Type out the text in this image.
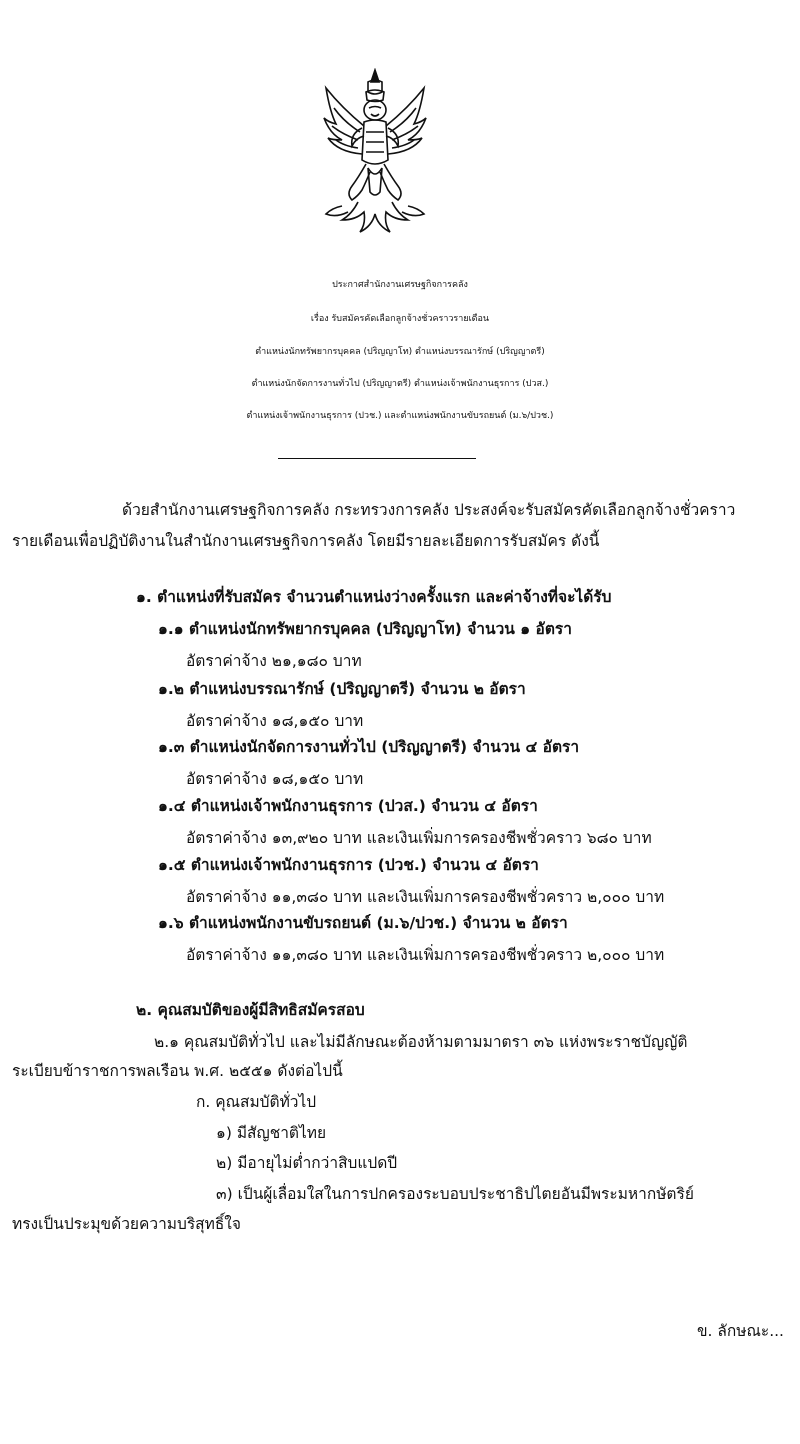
ประกาศสำนักงานเศรษฐกิจการคลัง
เรื่อง รับสมัครคัดเลือกลูกจ้างชั่วคราวรายเดือน
ตำแหน่งนักทรัพยากรบุคคล (ปริญญาโท) ตำแหน่งบรรณารักษ์ (ปริญญาตรี)
ตำแหน่งนักจัดการงานทั่วไป (ปริญญาตรี) ตำแหน่งเจ้าพนักงานธุรการ (ปวส.)
ตำแหน่งเจ้าพนักงานธุรการ (ปวช.) และตำแหน่งพนักงานขับรถยนต์ (ม.๖/ปวช.)
ด้วยสำนักงานเศรษฐกิจการคลัง กระทรวงการคลัง ประสงค์จะรับสมัครคัดเลือกลูกจ้างชั่วคราว
รายเดือนเพื่อปฏิบัติงานในสำนักงานเศรษฐกิจการคลัง โดยมีรายละเอียดการรับสมัคร ดังนี้
๑. ตำแหน่งที่รับสมัคร จำนวนตำแหน่งว่างครั้งแรก และค่าจ้างที่จะได้รับ
๑.๑ ตำแหน่งนักทรัพยากรบุคคล (ปริญญาโท) จำนวน ๑ อัตรา
อัตราค่าจ้าง ๒๑,๑๘๐ บาท
๑.๒ ตำแหน่งบรรณารักษ์ (ปริญญาตรี) จำนวน ๒ อัตรา
อัตราค่าจ้าง ๑๘,๑๕๐ บาท
๑.๓ ตำแหน่งนักจัดการงานทั่วไป (ปริญญาตรี) จำนวน ๔ อัตรา
อัตราค่าจ้าง ๑๘,๑๕๐ บาท
๑.๔ ตำแหน่งเจ้าพนักงานธุรการ (ปวส.) จำนวน ๔ อัตรา
อัตราค่าจ้าง ๑๓,๙๒๐ บาท และเงินเพิ่มการครองชีพชั่วคราว ๖๘๐ บาท
๑.๕ ตำแหน่งเจ้าพนักงานธุรการ (ปวช.) จำนวน ๔ อัตรา
อัตราค่าจ้าง ๑๑,๓๘๐ บาท และเงินเพิ่มการครองชีพชั่วคราว ๒,๐๐๐ บาท
๑.๖ ตำแหน่งพนักงานขับรถยนต์ (ม.๖/ปวช.) จำนวน ๒ อัตรา
อัตราค่าจ้าง ๑๑,๓๘๐ บาท และเงินเพิ่มการครองชีพชั่วคราว ๒,๐๐๐ บาท
๒. คุณสมบัติของผู้มีสิทธิสมัครสอบ
๒.๑ คุณสมบัติทั่วไป และไม่มีลักษณะต้องห้ามตามมาตรา ๓๖ แห่งพระราชบัญญัติ
ระเบียบข้าราชการพลเรือน พ.ศ. ๒๕๕๑ ดังต่อไปนี้
ก. คุณสมบัติทั่วไป
๑) มีสัญชาติไทย
๒) มีอายุไม่ต่ำกว่าสิบแปดปี
๓) เป็นผู้เลื่อมใสในการปกครองระบอบประชาธิปไตยอันมีพระมหากษัตริย์
ทรงเป็นประมุขด้วยความบริสุทธิ์ใจ
ข. ลักษณะ...
